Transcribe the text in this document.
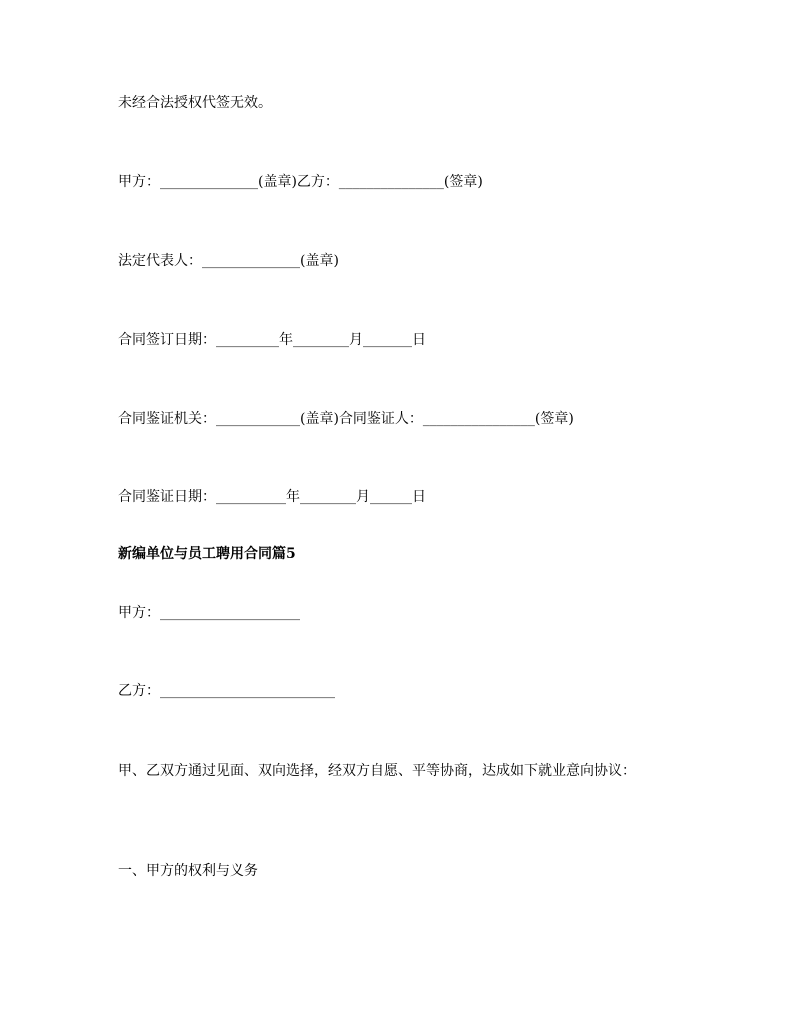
未经合法授权代签无效。
甲方：______________(盖章)乙方：_______________(签章)
法定代表人：______________(盖章)
合同签订日期：_________年________月_______日
合同鉴证机关：____________(盖章)合同鉴证人：________________(签章)
合同鉴证日期：__________年________月______日
新编单位与员工聘用合同篇5
甲方：____________________
乙方：_________________________
甲、乙双方通过见面、双向选择，经双方自愿、平等协商，达成如下就业意向协议：
一、甲方的权利与义务
